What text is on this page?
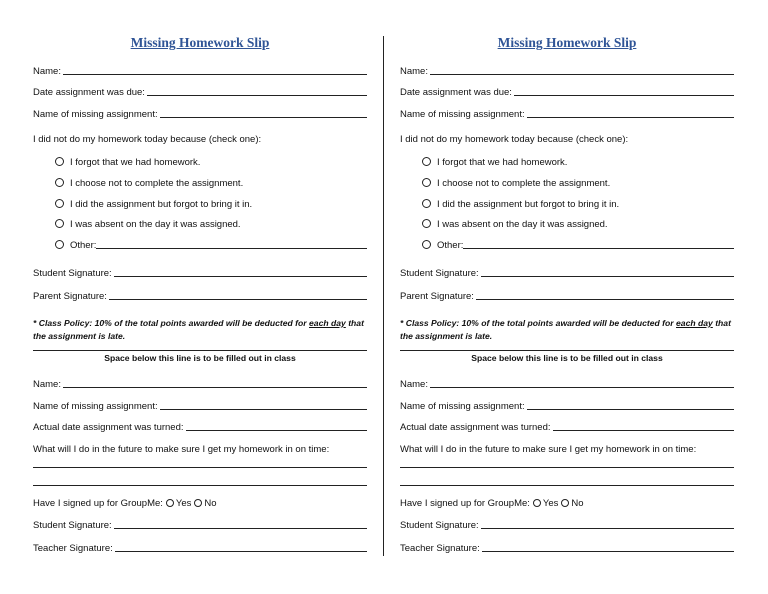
Missing Homework Slip
Name:
Date assignment was due:
Name of missing assignment:
I did not do my homework today because (check one):
I forgot that we had homework.
I choose not to complete the assignment.
I did the assignment but forgot to bring it in.
I was absent on the day it was assigned.
Other:
Student Signature:
Parent Signature:
* Class Policy: 10% of the total points awarded will be deducted for each day that the assignment is late.
Space below this line is to be filled out in class
Name:
Name of missing assignment:
Actual date assignment was turned:
What will I do in the future to make sure I get my homework in on time:
Have I signed up for GroupMe: Yes No
Student Signature:
Teacher Signature:
Missing Homework Slip
Name:
Date assignment was due:
Name of missing assignment:
I did not do my homework today because (check one):
I forgot that we had homework.
I choose not to complete the assignment.
I did the assignment but forgot to bring it in.
I was absent on the day it was assigned.
Other:
Student Signature:
Parent Signature:
* Class Policy: 10% of the total points awarded will be deducted for each day that the assignment is late.
Space below this line is to be filled out in class
Name:
Name of missing assignment:
Actual date assignment was turned:
What will I do in the future to make sure I get my homework in on time:
Have I signed up for GroupMe: Yes No
Student Signature:
Teacher Signature:
